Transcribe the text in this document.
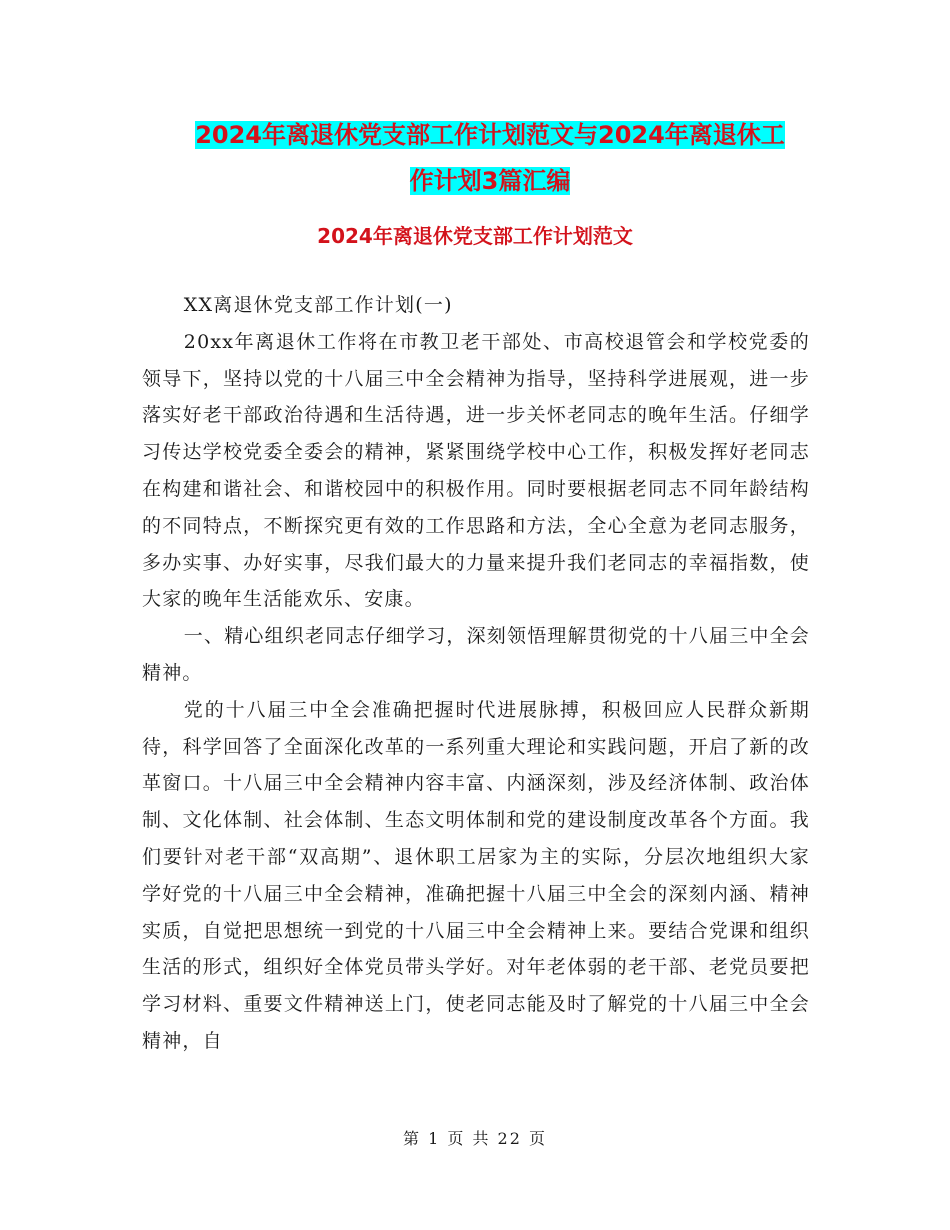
2024年离退休党支部工作计划范文与2024年离退休工
作计划3篇汇编
2024年离退休党支部工作计划范文

XX离退休党支部工作计划(一)

20xx年离退休工作将在市教卫老干部处、市高校退管会和学校党委的领导下，坚持以党的十八届三中全会精神为指导，坚持科学进展观，进一步落实好老干部政治待遇和生活待遇，进一步关怀老同志的晚年生活。仔细学习传达学校党委全委会的精神，紧紧围绕学校中心工作，积极发挥好老同志在构建和谐社会、和谐校园中的积极作用。同时要根据老同志不同年龄结构的不同特点，不断探究更有效的工作思路和方法，全心全意为老同志服务，多办实事、办好实事，尽我们最大的力量来提升我们老同志的幸福指数，使大家的晚年生活能欢乐、安康。

一、精心组织老同志仔细学习，深刻领悟理解贯彻党的十八届三中全会精神。

党的十八届三中全会准确把握时代进展脉搏，积极回应人民群众新期待，科学回答了全面深化改革的一系列重大理论和实践问题，开启了新的改革窗口。十八届三中全会精神内容丰富、内涵深刻，涉及经济体制、政治体制、文化体制、社会体制、生态文明体制和党的建设制度改革各个方面。我们要针对老干部“双高期”、退休职工居家为主的实际，分层次地组织大家学好党的十八届三中全会精神，准确把握十八届三中全会的深刻内涵、精神实质，自觉把思想统一到党的十八届三中全会精神上来。要结合党课和组织生活的形式，组织好全体党员带头学好。对年老体弱的老干部、老党员要把学习材料、重要文件精神送上门，使老同志能及时了解党的十八届三中全会精神，自

第 1 页 共 22 页
